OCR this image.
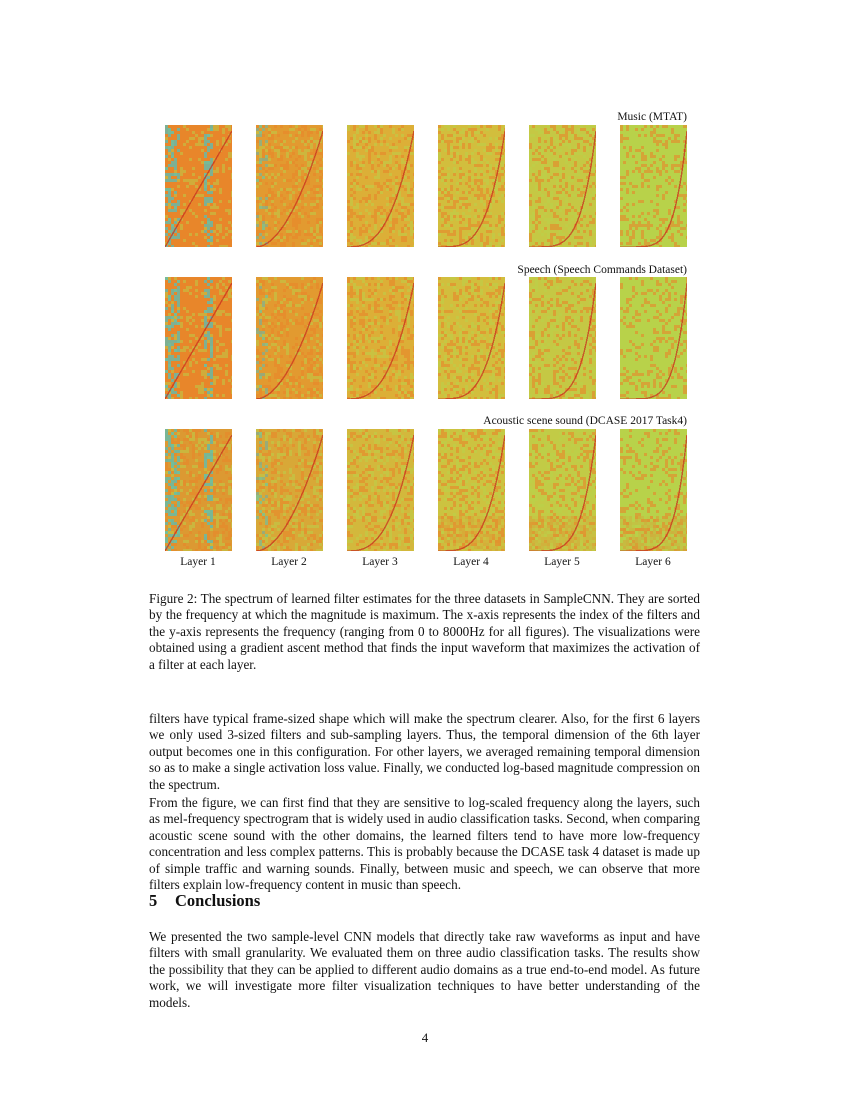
Music (MTAT)
Speech (Speech Commands Dataset)
Acoustic scene sound (DCASE 2017 Task4)
Layer 1	Layer 2	Layer 3	Layer 4	Layer 5	Layer 6

Figure 2: The spectrum of learned filter estimates for the three datasets in SampleCNN. They are sorted by the frequency at which the magnitude is maximum. The x-axis represents the index of the filters and the y-axis represents the frequency (ranging from 0 to 8000Hz for all figures). The visualizations were obtained using a gradient ascent method that finds the input waveform that maximizes the activation of a filter at each layer.

filters have typical frame-sized shape which will make the spectrum clearer. Also, for the first 6 layers we only used 3-sized filters and sub-sampling layers. Thus, the temporal dimension of the 6th layer output becomes one in this configuration. For other layers, we averaged remaining temporal dimension so as to make a single activation loss value. Finally, we conducted log-based magnitude compression on the spectrum.

From the figure, we can first find that they are sensitive to log-scaled frequency along the layers, such as mel-frequency spectrogram that is widely used in audio classification tasks. Second, when comparing acoustic scene sound with the other domains, the learned filters tend to have more low-frequency concentration and less complex patterns. This is probably because the DCASE task 4 dataset is made up of simple traffic and warning sounds. Finally, between music and speech, we can observe that more filters explain low-frequency content in music than speech.

5 Conclusions

We presented the two sample-level CNN models that directly take raw waveforms as input and have filters with small granularity. We evaluated them on three audio classification tasks. The results show the possibility that they can be applied to different audio domains as a true end-to-end model. As future work, we will investigate more filter visualization techniques to have better understanding of the models.

4
